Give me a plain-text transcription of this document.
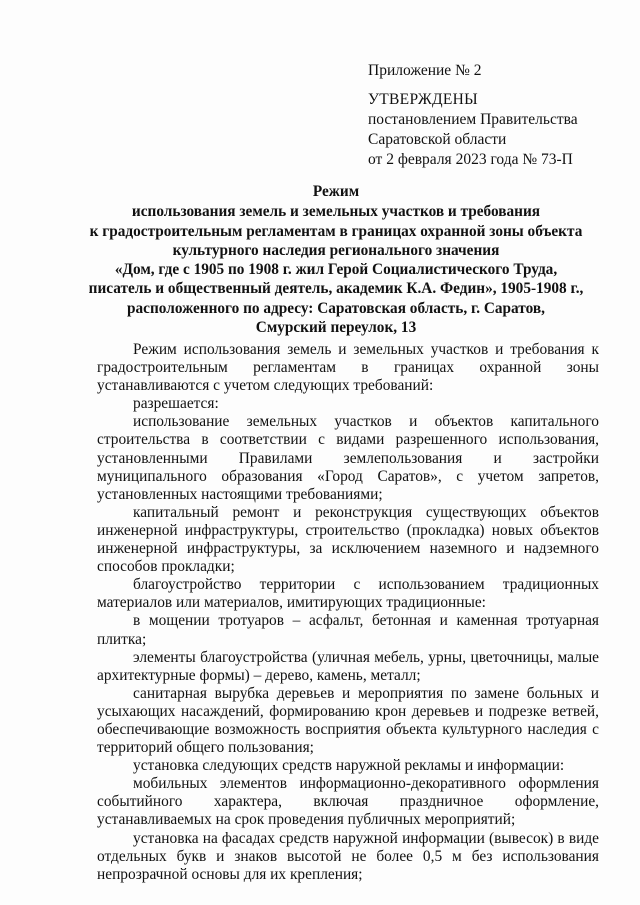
Приложение № 2
УТВЕРЖДЕНЫ
постановлением Правительства
Саратовской области
от 2 февраля 2023 года № 73-П
Режим
использования земель и земельных участков и требования
к градостроительным регламентам в границах охранной зоны объекта
культурного наследия регионального значения
«Дом, где с 1905 по 1908 г. жил Герой Социалистического Труда,
писатель и общественный деятель, академик К.А. Федин», 1905-1908 г.,
расположенного по адресу: Саратовская область, г. Саратов,
Смурский переулок, 13

Режим использования земель и земельных участков и требования к градостроительным регламентам в границах охранной зоны устанавливаются с учетом следующих требований:

разрешается:

использование земельных участков и объектов капитального строительства в соответствии с видами разрешенного использования, установленными Правилами землепользования и застройки муниципального образования «Город Саратов», с учетом запретов, установленных настоящими требованиями;

капитальный ремонт и реконструкция существующих объектов инженерной инфраструктуры, строительство (прокладка) новых объектов инженерной инфраструктуры, за исключением наземного и надземного способов прокладки;

благоустройство территории с использованием традиционных материалов или материалов, имитирующих традиционные:

в мощении тротуаров – асфальт, бетонная и каменная тротуарная плитка;

элементы благоустройства (уличная мебель, урны, цветочницы, малые архитектурные формы) – дерево, камень, металл;

санитарная вырубка деревьев и мероприятия по замене больных и усыхающих насаждений, формированию крон деревьев и подрезке ветвей, обеспечивающие возможность восприятия объекта культурного наследия с территорий общего пользования;

установка следующих средств наружной рекламы и информации:

мобильных элементов информационно-декоративного оформления событийного характера, включая праздничное оформление, устанавливаемых на срок проведения публичных мероприятий;

установка на фасадах средств наружной информации (вывесок) в виде отдельных букв и знаков высотой не более 0,5 м без использования непрозрачной основы для их крепления;
